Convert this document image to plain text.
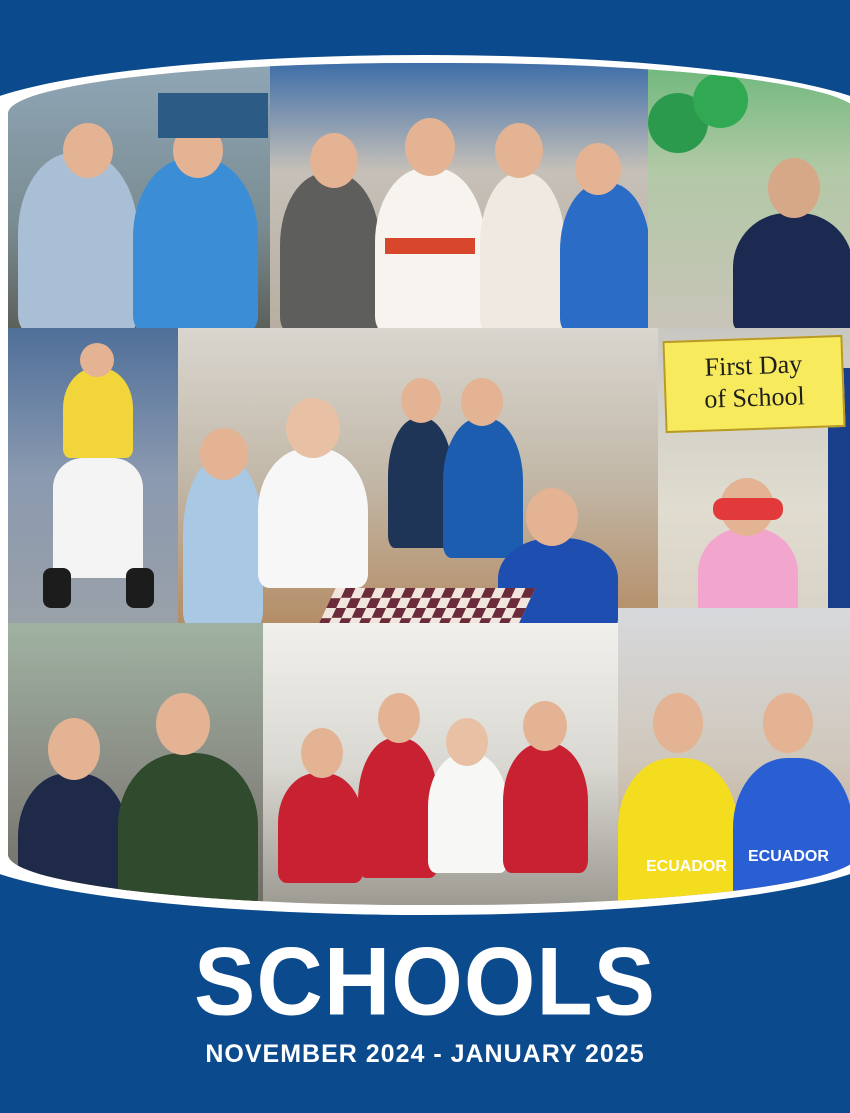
First Day
of School
ECUADOR
ECUADOR
SCHOOLS
NOVEMBER 2024 - JANUARY 2025
